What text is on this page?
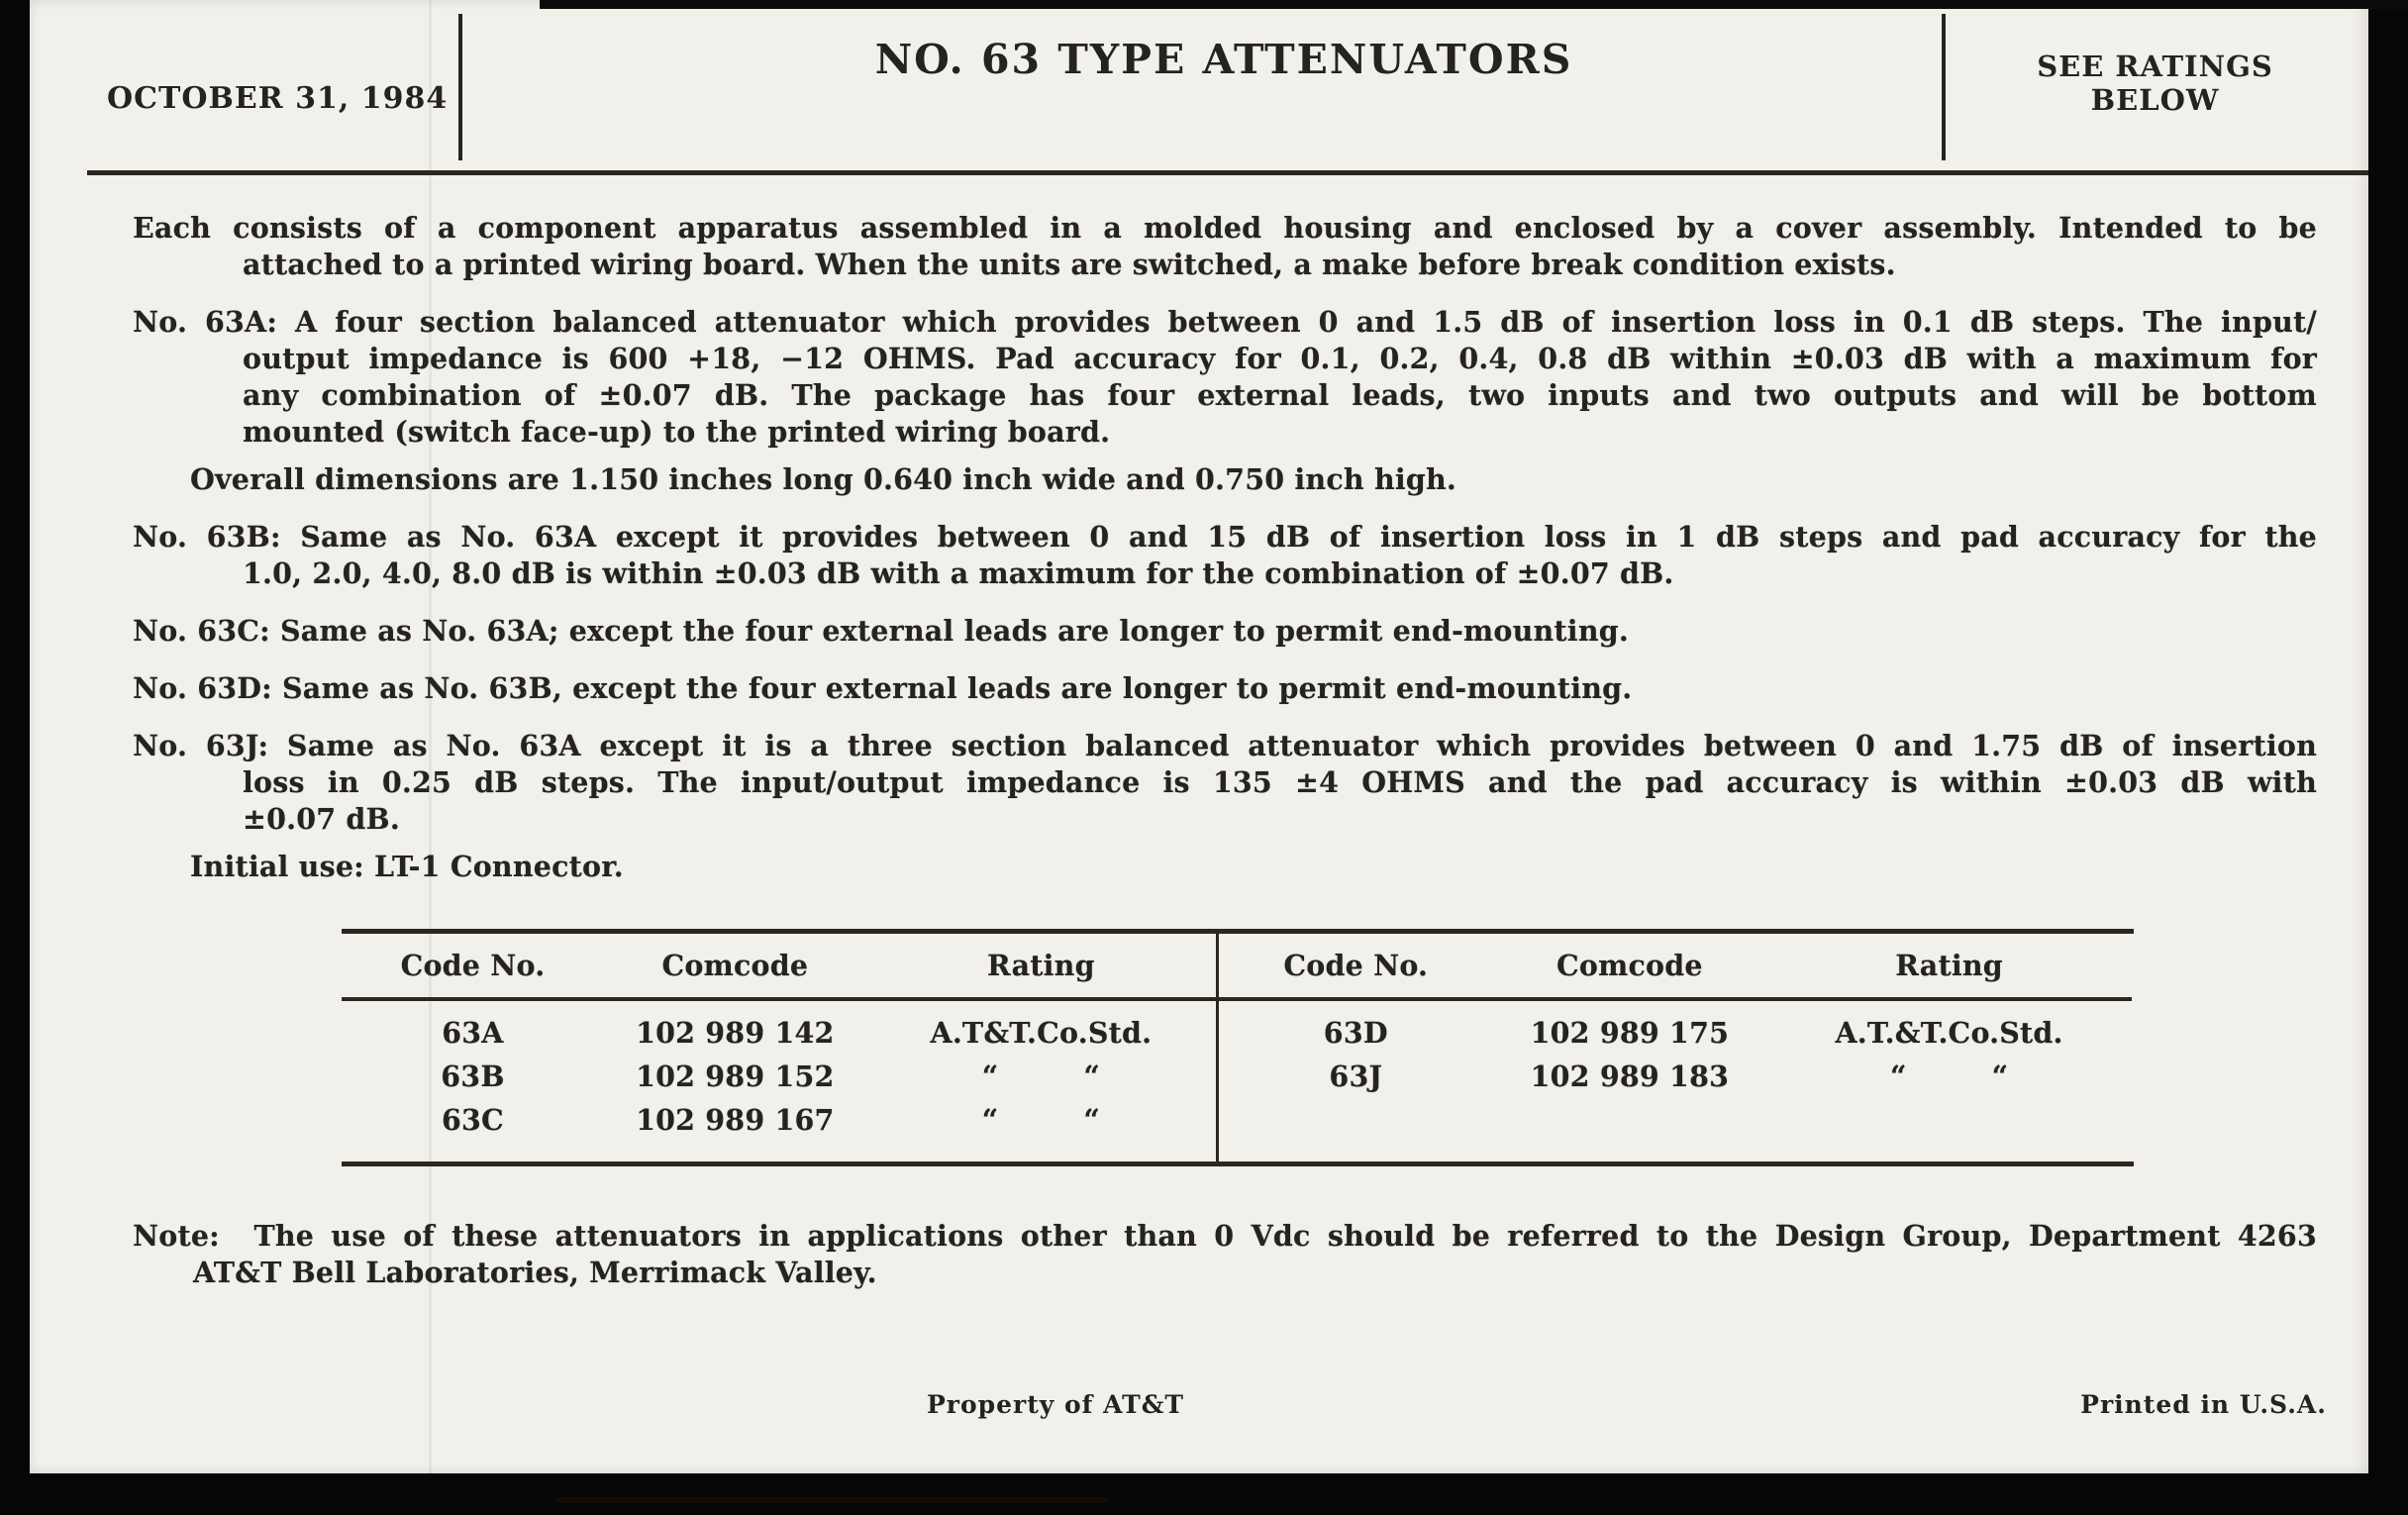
OCTOBER 31, 1984
NO. 63 TYPE ATTENUATORS	SEE RATINGS
BELOW
Each consists of a component apparatus assembled in a molded housing and enclosed by a cover assembly. Intended to be
attached to a printed wiring board. When the units are switched, a make before break condition exists.
No. 63A: A four section balanced attenuator which provides between 0 and 1.5 dB of insertion loss in 0.1 dB steps. The input/
output impedance is 600 +18, −12 OHMS. Pad accuracy for 0.1, 0.2, 0.4, 0.8 dB within ±0.03 dB with a maximum for
any combination of ±0.07 dB. The package has four external leads, two inputs and two outputs and will be bottom
mounted (switch face-up) to the printed wiring board.
Overall dimensions are 1.150 inches long 0.640 inch wide and 0.750 inch high.
No. 63B: Same as No. 63A except it provides between 0 and 15 dB of insertion loss in 1 dB steps and pad accuracy for the
1.0, 2.0, 4.0, 8.0 dB is within ±0.03 dB with a maximum for the combination of ±0.07 dB.
No. 63C: Same as No. 63A; except the four external leads are longer to permit end-mounting.
No. 63D: Same as No. 63B, except the four external leads are longer to permit end-mounting.
No. 63J: Same as No. 63A except it is a three section balanced attenuator which provides between 0 and 1.75 dB of insertion
loss in 0.25 dB steps. The input/output impedance is 135 ±4 OHMS and the pad accuracy is within ±0.03 dB with
±0.07 dB.
Initial use: LT-1 Connector.
Code No.	Comcode	Rating
63A	102 989 142	A.T&T.Co.Std.
63B	102 989 152	“   “
63C	102 989 167	“   “
Code No.	Comcode	Rating
63D	102 989 175	A.T.&T.Co.Std.
63J	102 989 183	“   “
Note:  The use of these attenuators in applications other than 0 Vdc should be referred to the Design Group, Department 4263
AT&T Bell Laboratories, Merrimack Valley.
Property of AT&T	Printed in U.S.A.
